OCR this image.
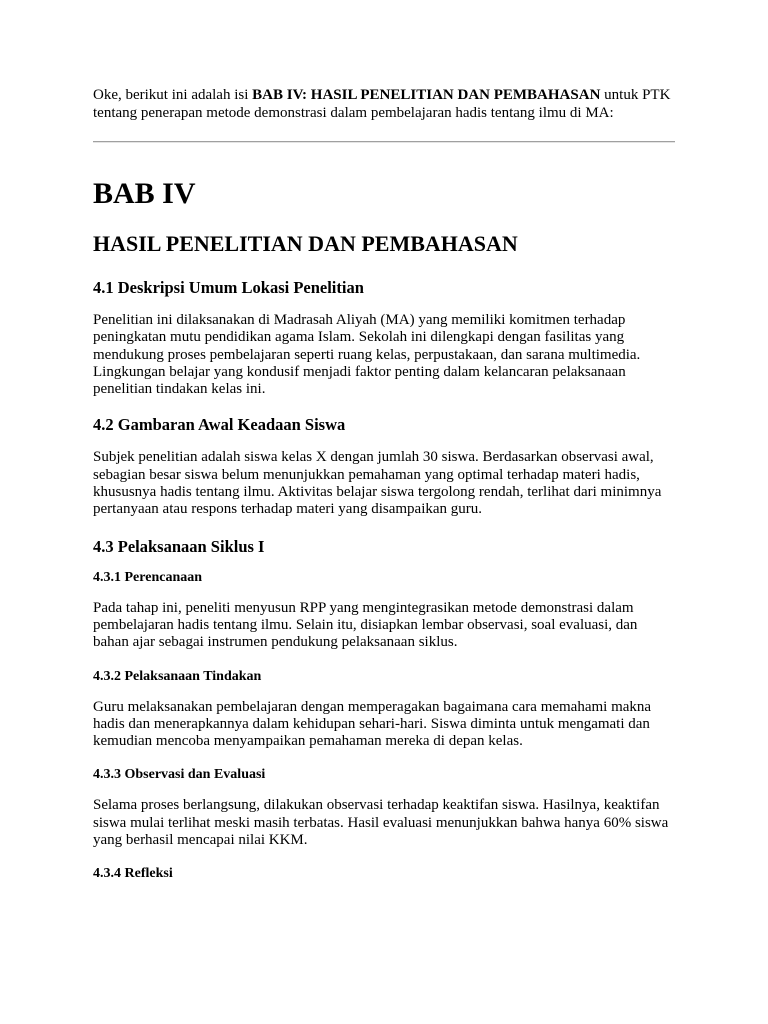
Oke, berikut ini adalah isi BAB IV: HASIL PENELITIAN DAN PEMBAHASAN untuk PTK tentang penerapan metode demonstrasi dalam pembelajaran hadis tentang ilmu di MA:

BAB IV
HASIL PENELITIAN DAN PEMBAHASAN
4.1 Deskripsi Umum Lokasi Penelitian

Penelitian ini dilaksanakan di Madrasah Aliyah (MA) yang memiliki komitmen terhadap peningkatan mutu pendidikan agama Islam. Sekolah ini dilengkapi dengan fasilitas yang mendukung proses pembelajaran seperti ruang kelas, perpustakaan, dan sarana multimedia. Lingkungan belajar yang kondusif menjadi faktor penting dalam kelancaran pelaksanaan penelitian tindakan kelas ini.

4.2 Gambaran Awal Keadaan Siswa

Subjek penelitian adalah siswa kelas X dengan jumlah 30 siswa. Berdasarkan observasi awal, sebagian besar siswa belum menunjukkan pemahaman yang optimal terhadap materi hadis, khususnya hadis tentang ilmu. Aktivitas belajar siswa tergolong rendah, terlihat dari minimnya pertanyaan atau respons terhadap materi yang disampaikan guru.

4.3 Pelaksanaan Siklus I
4.3.1 Perencanaan

Pada tahap ini, peneliti menyusun RPP yang mengintegrasikan metode demonstrasi dalam pembelajaran hadis tentang ilmu. Selain itu, disiapkan lembar observasi, soal evaluasi, dan bahan ajar sebagai instrumen pendukung pelaksanaan siklus.

4.3.2 Pelaksanaan Tindakan

Guru melaksanakan pembelajaran dengan memperagakan bagaimana cara memahami makna hadis dan menerapkannya dalam kehidupan sehari-hari. Siswa diminta untuk mengamati dan kemudian mencoba menyampaikan pemahaman mereka di depan kelas.

4.3.3 Observasi dan Evaluasi

Selama proses berlangsung, dilakukan observasi terhadap keaktifan siswa. Hasilnya, keaktifan siswa mulai terlihat meski masih terbatas. Hasil evaluasi menunjukkan bahwa hanya 60% siswa yang berhasil mencapai nilai KKM.

4.3.4 Refleksi
